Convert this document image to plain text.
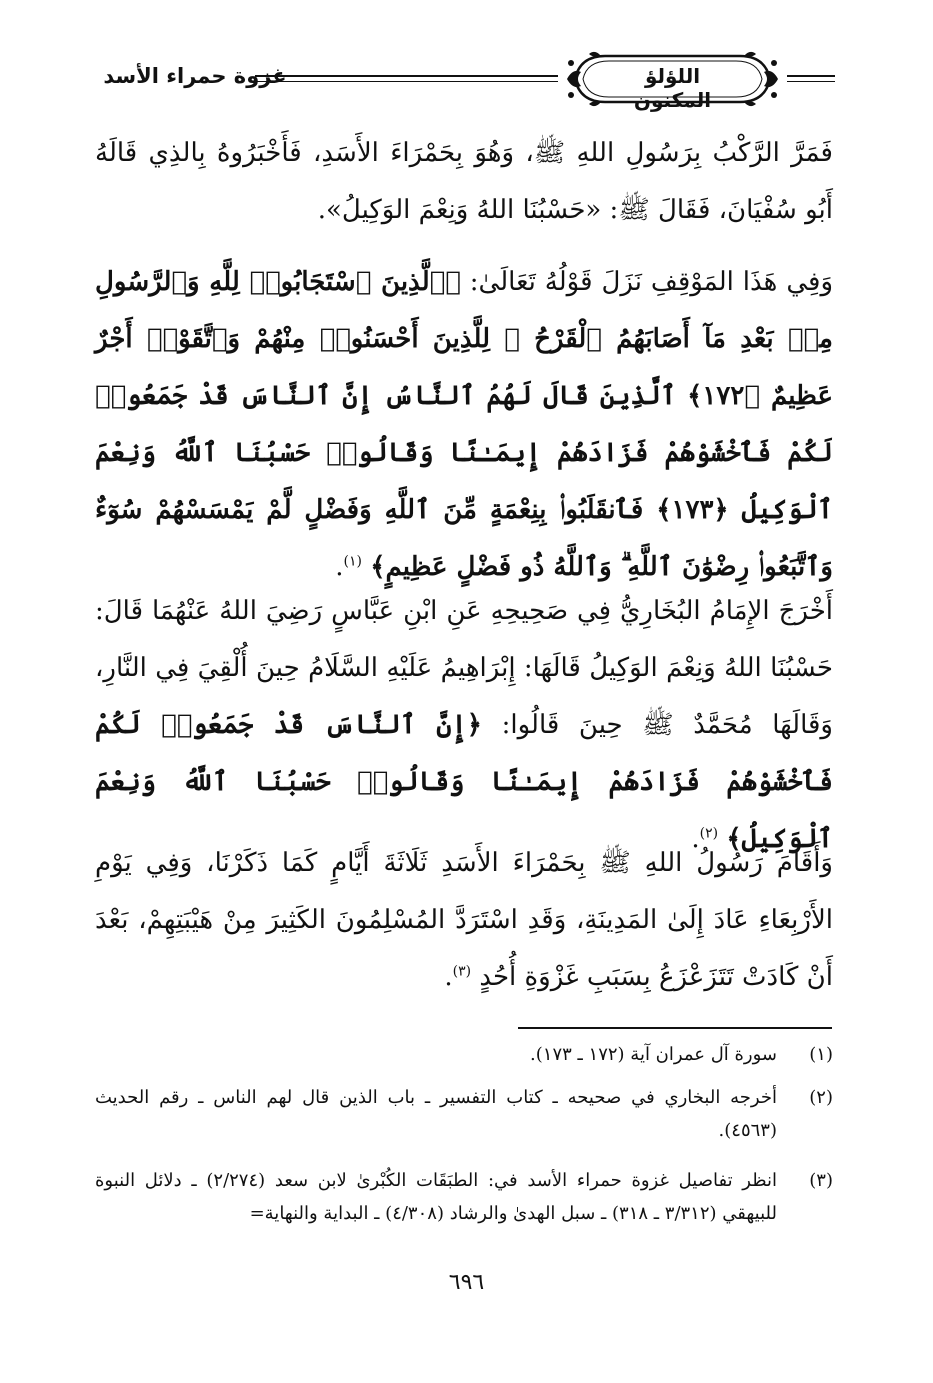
غزوة حمراء الأسد	اللؤلؤ المكنون
فَمَرَّ الرَّكْبُ بِرَسُولِ اللهِ ﷺ، وَهُوَ بِحَمْرَاءَ الأَسَدِ، فَأَخْبَرُوهُ بِالذِي قَالَهُ أَبُو سُفْيَانَ، فَقَالَ ﷺ: «حَسْبُنَا اللهُ وَنِعْمَ الوَكِيلُ».
وَفِي هَذَا المَوْقِفِ نَزَلَ قَوْلُهُ تَعَالَىٰ: ﴿ٱلَّذِينَ ٱسْتَجَابُوا۟ لِلَّهِ وَٱلرَّسُولِ مِنۢ بَعْدِ مَآ أَصَابَهُمُ ٱلْقَرْحُ ۚ لِلَّذِينَ أَحْسَنُوا۟ مِنْهُمْ وَٱتَّقَوْا۟ أَجْرٌ عَظِيمٌ ﴿١٧٢﴾ ٱلَّذِينَ قَالَ لَهُمُ ٱلنَّاسُ إِنَّ ٱلنَّاسَ قَدْ جَمَعُوا۟ لَكُمْ فَٱخْشَوْهُمْ فَزَادَهُمْ إِيمَـٰنًا وَقَالُوا۟ حَسْبُنَا ٱللَّهُ وَنِعْمَ ٱلْوَكِيلُ ﴿١٧٣﴾ فَٱنقَلَبُوا۟ بِنِعْمَةٍ مِّنَ ٱللَّهِ وَفَضْلٍ لَّمْ يَمْسَسْهُمْ سُوٓءٌ وَٱتَّبَعُوا۟ رِضْوَٰنَ ٱللَّهِ ۗ وَٱللَّهُ ذُو فَضْلٍ عَظِيمٍ﴾ $^{(١)}$.
أَخْرَجَ الإِمَامُ البُخَارِيُّ فِي صَحِيحِهِ عَنِ ابْنِ عَبَّاسٍ رَضِيَ اللهُ عَنْهُمَا قَالَ: حَسْبُنَا اللهُ وَنِعْمَ الوَكِيلُ قَالَهَا: إِبْرَاهِيمُ عَلَيْهِ السَّلَامُ حِينَ أُلْقِيَ فِي النَّارِ، وَقَالَهَا مُحَمَّدٌ ﷺ حِينَ قَالُوا: ﴿إِنَّ ٱلنَّاسَ قَدْ جَمَعُوا۟ لَكُمْ فَٱخْشَوْهُمْ فَزَادَهُمْ إِيمَـٰنًا وَقَالُوا۟ حَسْبُنَا ٱللَّهُ وَنِعْمَ ٱلْوَكِيلُ﴾ $^{(٢)}$.
وَأَقَامَ رَسُولُ اللهِ ﷺ بِحَمْرَاءَ الأَسَدِ ثَلَاثَةَ أَيَّامٍ كَمَا ذَكَرْنَا، وَفِي يَوْمِ الأَرْبِعَاءِ عَادَ إِلَىٰ المَدِينَةِ، وَقَدِ اسْتَرَدَّ المُسْلِمُونَ الكَثِيرَ مِنْ هَيْبَتِهِمْ، بَعْدَ أَنْ كَادَتْ تَتَزَعْزَعُ بِسَبَبِ غَزْوَةِ أُحُدٍ $^{(٣)}$.
(١)
سورة آل عمران آية (١٧٢ ـ ١٧٣).
(٢)
أخرجه البخاري في صحيحه ـ كتاب التفسير ـ باب الذين قال لهم الناس ـ رقم الحديث (٤٥٦٣).
(٣)
انظر تفاصيل غزوة حمراء الأسد في: الطبَقَات الكُبْرىٰ لابن سعد (٢/٢٧٤) ـ دلائل النبوة للبيهقي (٣/٣١٢ ـ ٣١٨) ـ سبل الهدىٰ والرشاد (٤/٣٠٨) ـ البداية والنهاية=
٦٩٦
